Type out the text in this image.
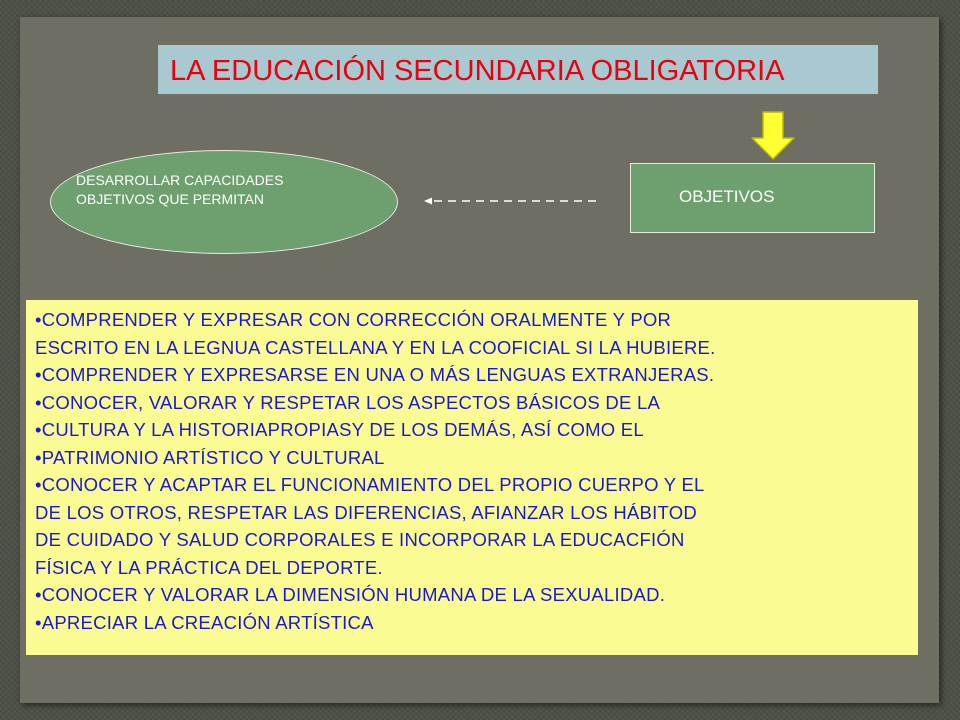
LA EDUCACIÓN SECUNDARIA OBLIGATORIA
OBJETIVOS
DESARROLLAR CAPACIDADES
OBJETIVOS QUE PERMITAN

•COMPRENDER Y EXPRESAR CON CORRECCIÓN ORALMENTE Y POR

ESCRITO EN LA LEGNUA CASTELLANA Y EN LA COOFICIAL SI LA HUBIERE.

•COMPRENDER Y EXPRESARSE EN UNA O MÁS LENGUAS EXTRANJERAS.

•CONOCER, VALORAR Y RESPETAR LOS ASPECTOS BÁSICOS DE LA

•CULTURA Y LA HISTORIAPROPIASY DE LOS DEMÁS, ASÍ COMO EL

•PATRIMONIO ARTÍSTICO Y CULTURAL

•CONOCER Y ACAPTAR EL FUNCIONAMIENTO DEL PROPIO CUERPO Y EL

DE LOS OTROS, RESPETAR LAS DIFERENCIAS, AFIANZAR LOS HÁBITOD

DE CUIDADO Y SALUD CORPORALES E INCORPORAR LA EDUCACFIÓN

FÍSICA Y LA PRÁCTICA DEL DEPORTE.

•CONOCER Y VALORAR LA DIMENSIÓN HUMANA DE LA SEXUALIDAD.

•APRECIAR LA CREACIÓN ARTÍSTICA
